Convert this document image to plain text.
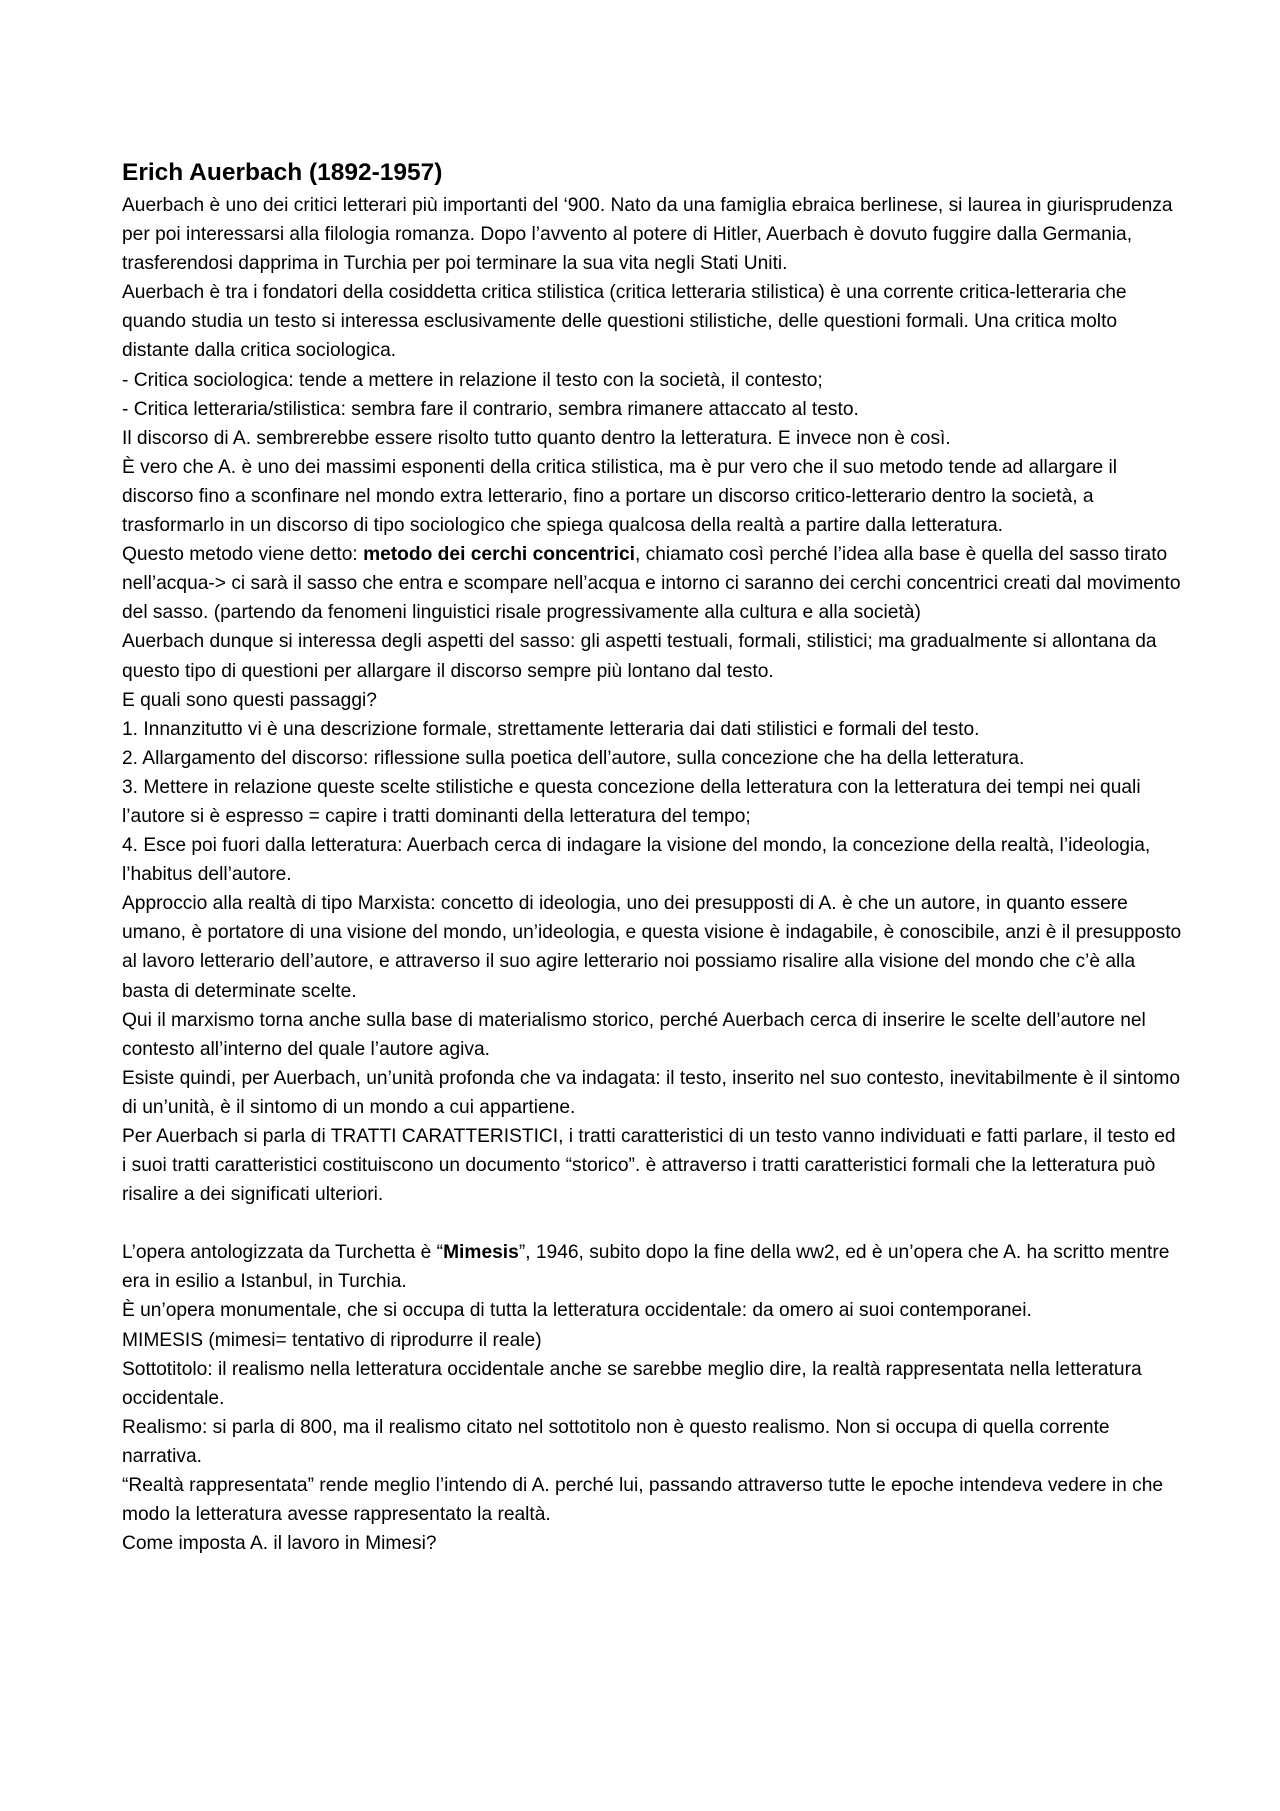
Erich Auerbach (1892-1957)

Auerbach è uno dei critici letterari più importanti del ‘900. Nato da una famiglia ebraica berlinese, si laurea in giurisprudenza per poi interessarsi alla filologia romanza. Dopo l’avvento al potere di Hitler, Auerbach è dovuto fuggire dalla Germania, trasferendosi dapprima in Turchia per poi terminare la sua vita negli Stati Uniti.

Auerbach è tra i fondatori della cosiddetta critica stilistica (critica letteraria stilistica) è una corrente critica-letteraria che quando studia un testo si interessa esclusivamente delle questioni stilistiche, delle questioni formali. Una critica molto distante dalla critica sociologica.

- Critica sociologica: tende a mettere in relazione il testo con la società, il contesto;

- Critica letteraria/stilistica: sembra fare il contrario, sembra rimanere attaccato al testo.

Il discorso di A. sembrerebbe essere risolto tutto quanto dentro la letteratura. E invece non è così.

È vero che A. è uno dei massimi esponenti della critica stilistica, ma è pur vero che il suo metodo tende ad allargare il discorso fino a sconfinare nel mondo extra letterario, fino a portare un discorso critico-letterario dentro la società, a trasformarlo in un discorso di tipo sociologico che spiega qualcosa della realtà a partire dalla letteratura.

Questo metodo viene detto: metodo dei cerchi concentrici, chiamato così perché l’idea alla base è quella del sasso tirato nell’acqua-> ci sarà il sasso che entra e scompare nell’acqua e intorno ci saranno dei cerchi concentrici creati dal movimento del sasso. (partendo da fenomeni linguistici risale progressivamente alla cultura e alla società)

Auerbach dunque si interessa degli aspetti del sasso: gli aspetti testuali, formali, stilistici; ma gradualmente si allontana da questo tipo di questioni per allargare il discorso sempre più lontano dal testo.

E quali sono questi passaggi?

1. Innanzitutto vi è una descrizione formale, strettamente letteraria dai dati stilistici e formali del testo.

2. Allargamento del discorso: riflessione sulla poetica dell’autore, sulla concezione che ha della letteratura.

3. Mettere in relazione queste scelte stilistiche e questa concezione della letteratura con la letteratura dei tempi nei quali l’autore si è espresso = capire i tratti dominanti della letteratura del tempo;

4. Esce poi fuori dalla letteratura: Auerbach cerca di indagare la visione del mondo, la concezione della realtà, l’ideologia, l’habitus dell’autore.

Approccio alla realtà di tipo Marxista: concetto di ideologia, uno dei presupposti di A. è che un autore, in quanto essere umano, è portatore di una visione del mondo, un’ideologia, e questa visione è indagabile, è conoscibile, anzi è il presupposto al lavoro letterario dell’autore, e attraverso il suo agire letterario noi possiamo risalire alla visione del mondo che c’è alla basta di determinate scelte.

Qui il marxismo torna anche sulla base di materialismo storico, perché Auerbach cerca di inserire le scelte dell’autore nel contesto all’interno del quale l’autore agiva.

Esiste quindi, per Auerbach, un’unità profonda che va indagata: il testo, inserito nel suo contesto, inevitabilmente è il sintomo di un’unità, è il sintomo di un mondo a cui appartiene.

Per Auerbach si parla di TRATTI CARATTERISTICI, i tratti caratteristici di un testo vanno individuati e fatti parlare, il testo ed i suoi tratti caratteristici costituiscono un documento “storico”. è attraverso i tratti caratteristici formali che la letteratura può risalire a dei significati ulteriori.

L’opera antologizzata da Turchetta è “Mimesis”, 1946, subito dopo la fine della ww2, ed è un’opera che A. ha scritto mentre era in esilio a Istanbul, in Turchia.

È un’opera monumentale, che si occupa di tutta la letteratura occidentale: da omero ai suoi contemporanei.

MIMESIS (mimesi= tentativo di riprodurre il reale)

Sottotitolo: il realismo nella letteratura occidentale anche se sarebbe meglio dire, la realtà rappresentata nella letteratura occidentale.

Realismo: si parla di 800, ma il realismo citato nel sottotitolo non è questo realismo. Non si occupa di quella corrente narrativa.

“Realtà rappresentata” rende meglio l’intendo di A. perché lui, passando attraverso tutte le epoche intendeva vedere in che modo la letteratura avesse rappresentato la realtà.

Come imposta A. il lavoro in Mimesi?
